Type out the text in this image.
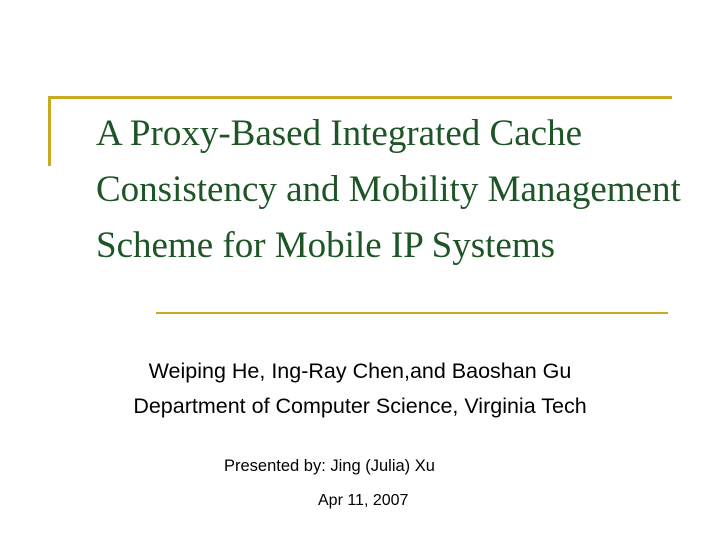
A Proxy-Based Integrated Cache Consistency and Mobility Management Scheme for Mobile IP Systems
Weiping He, Ing-Ray Chen,and Baoshan Gu
Department of Computer Science, Virginia Tech

Presented by: Jing (Julia) Xu

Apr 11, 2007
